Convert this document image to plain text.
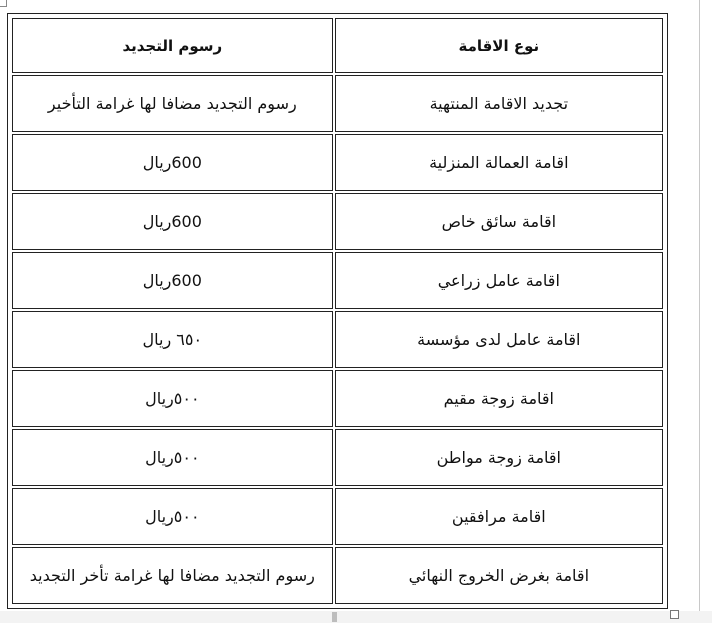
نوع الاقامة	رسوم التجديد
تجديد الاقامة المنتهية	رسوم التجديد مضافا لها غرامة التأخير
اقامة العمالة المنزلية	600ريال
اقامة سائق خاص	600ريال
اقامة عامل زراعي	600ريال
اقامة عامل لدى مؤسسة	٦٥٠ ريال
اقامة زوجة مقيم	٥٠٠ريال
اقامة زوجة مواطن	٥٠٠ريال
اقامة مرافقين	٥٠٠ريال
اقامة بغرض الخروج النهائي	رسوم التجديد مضافا لها غرامة تأخر التجديد
